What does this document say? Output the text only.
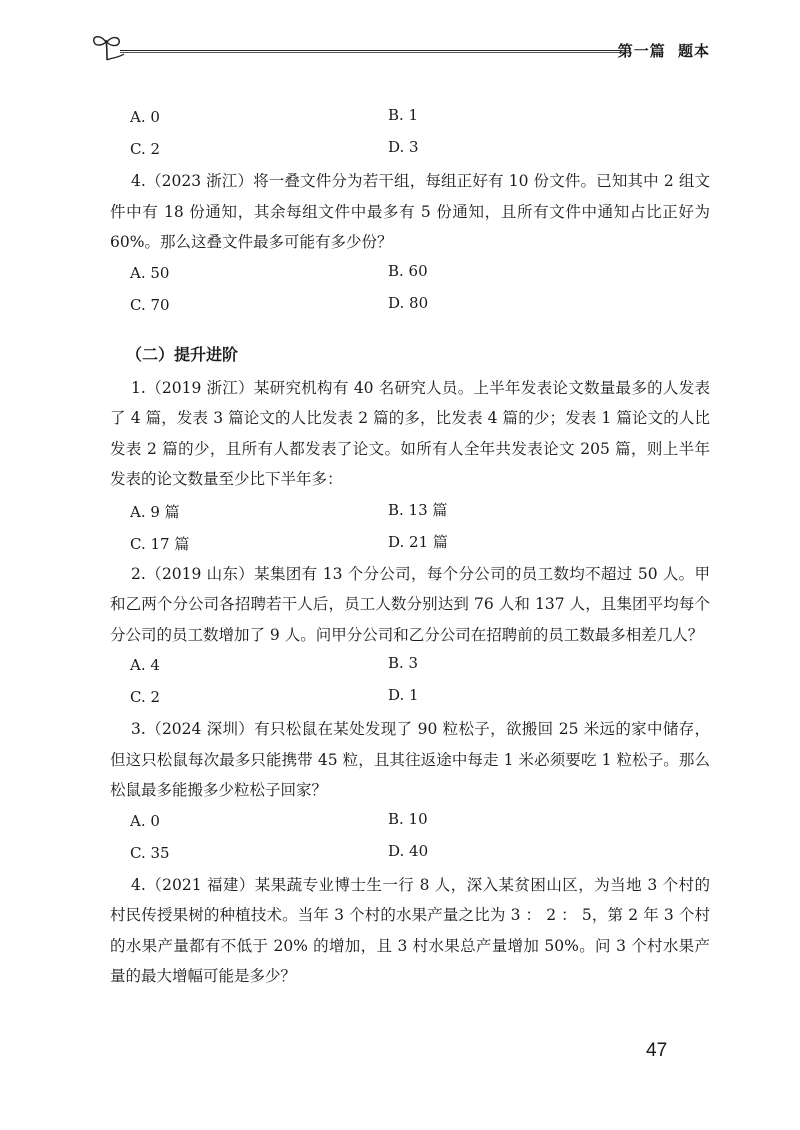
第一篇 题本
A. 0	B. 1
C. 2	D. 3

4.（2023 浙江）将一叠文件分为若干组，每组正好有 10 份文件。已知其中 2 组文件中有 18 份通知，其余每组文件中最多有 5 份通知，且所有文件中通知占比正好为 60%。那么这叠文件最多可能有多少份？

A. 50	B. 60
C. 70	D. 80
（二）提升进阶

1.（2019 浙江）某研究机构有 40 名研究人员。上半年发表论文数量最多的人发表了 4 篇，发表 3 篇论文的人比发表 2 篇的多，比发表 4 篇的少；发表 1 篇论文的人比发表 2 篇的少，且所有人都发表了论文。如所有人全年共发表论文 205 篇，则上半年发表的论文数量至少比下半年多：

A. 9 篇	B. 13 篇
C. 17 篇	D. 21 篇

2.（2019 山东）某集团有 13 个分公司，每个分公司的员工数均不超过 50 人。甲和乙两个分公司各招聘若干人后，员工人数分别达到 76 人和 137 人，且集团平均每个分公司的员工数增加了 9 人。问甲分公司和乙分公司在招聘前的员工数最多相差几人？

A. 4	B. 3
C. 2	D. 1

3.（2024 深圳）有只松鼠在某处发现了 90 粒松子，欲搬回 25 米远的家中储存，但这只松鼠每次最多只能携带 45 粒，且其往返途中每走 1 米必须要吃 1 粒松子。那么松鼠最多能搬多少粒松子回家？

A. 0	B. 10
C. 35	D. 40

4.（2021 福建）某果蔬专业博士生一行 8 人，深入某贫困山区，为当地 3 个村的村民传授果树的种植技术。当年 3 个村的水果产量之比为 3 ： 2 ： 5，第 2 年 3 个村的水果产量都有不低于 20% 的增加，且 3 村水果总产量增加 50%。问 3 个村水果产量的最大增幅可能是多少？

47
